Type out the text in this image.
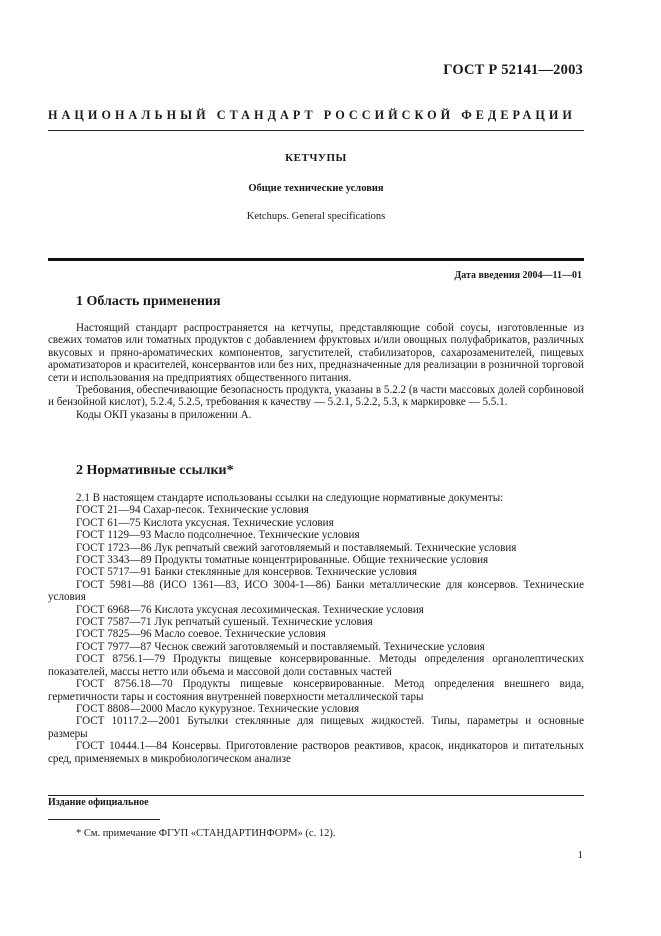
ГОСТ Р 52141—2003
НАЦИОНАЛЬНЫЙ СТАНДАРТ РОССИЙСКОЙ ФЕДЕРАЦИИ
КЕТЧУПЫ
Общие технические условия
Ketchups. General specifications
Дата введения 2004—11—01
1 Область применения

Настоящий стандарт распространяется на кетчупы, представляющие собой соусы, изготовленные из свежих томатов или томатных продуктов с добавлением фруктовых и/или овощных полуфабрикатов, различных вкусовых и пряно-ароматических компонентов, загустителей, стабилизаторов, сахарозаменителей, пищевых ароматизаторов и красителей, консервантов или без них, предназначенные для реализации в розничной торговой сети и использования на предприятиях общественного питания.

Требования, обеспечивающие безопасность продукта, указаны в 5.2.2 (в части массовых долей сорбиновой и бензойной кислот), 5.2.4, 5.2.5, требования к качеству — 5.2.1, 5.2.2, 5.3, к маркировке — 5.5.1.

Коды ОКП указаны в приложении А.

2 Нормативные ссылки*

2.1 В настоящем стандарте использованы ссылки на следующие нормативные документы:

ГОСТ 21—94 Сахар-песок. Технические условия

ГОСТ 61—75 Кислота уксусная. Технические условия

ГОСТ 1129—93 Масло подсолнечное. Технические условия

ГОСТ 1723—86 Лук репчатый свежий заготовляемый и поставляемый. Технические условия

ГОСТ 3343—89 Продукты томатные концентрированные. Общие технические условия

ГОСТ 5717—91 Банки стеклянные для консервов. Технические условия

ГОСТ 5981—88 (ИСО 1361—83, ИСО 3004-1—86) Банки металлические для консервов. Технические условия

ГОСТ 6968—76 Кислота уксусная лесохимическая. Технические условия

ГОСТ 7587—71 Лук репчатый сушеный. Технические условия

ГОСТ 7825—96 Масло соевое. Технические условия

ГОСТ 7977—87 Чеснок свежий заготовляемый и поставляемый. Технические условия

ГОСТ 8756.1—79 Продукты пищевые консервированные. Методы определения органолептических показателей, массы нетто или объема и массовой доли составных частей

ГОСТ 8756.18—70 Продукты пищевые консервированные. Метод определения внешнего вида, герметичности тары и состояния внутренней поверхности металлической тары

ГОСТ 8808—2000 Масло кукурузное. Технические условия

ГОСТ 10117.2—2001 Бутылки стеклянные для пищевых жидкостей. Типы, параметры и основные размеры

ГОСТ 10444.1—84 Консервы. Приготовление растворов реактивов, красок, индикаторов и питательных сред, применяемых в микробиологическом анализе

Издание официальное
* См. примечание ФГУП «СТАНДАРТИНФОРМ» (с. 12).
1
